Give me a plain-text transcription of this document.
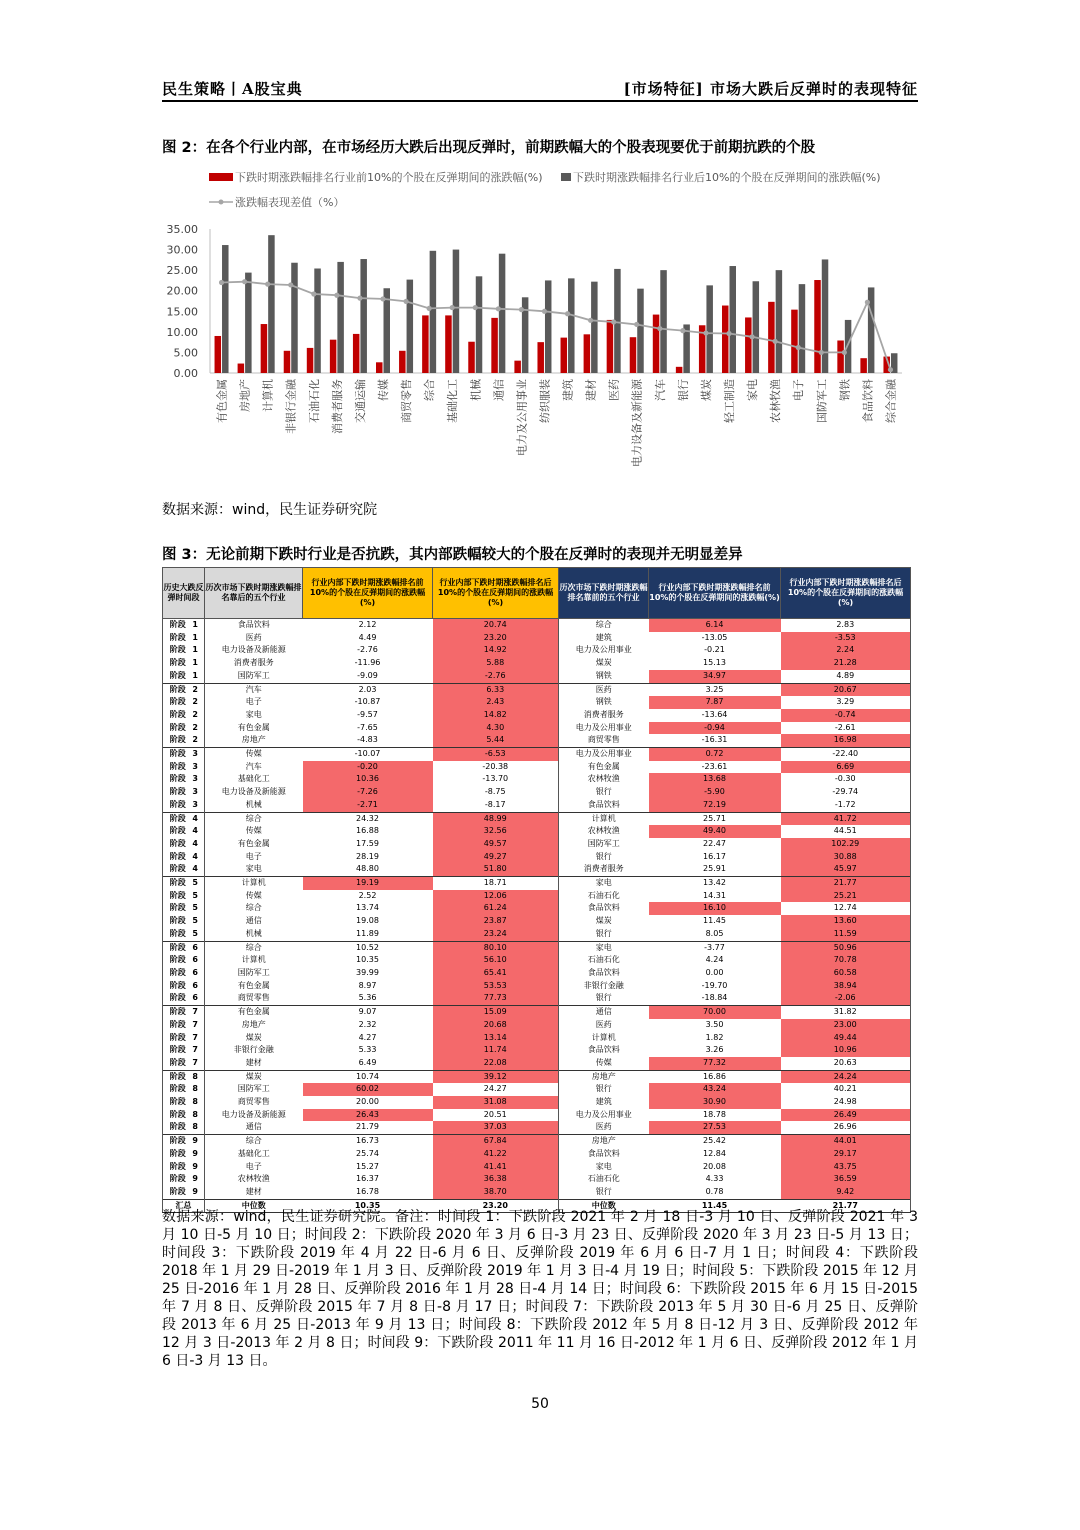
民生策略丨A股宝典	[市场特征] 市场大跌后反弹时的表现特征
图 2：在各个行业内部，在市场经历大跌后出现反弹时，前期跌幅大的个股表现要优于前期抗跌的个股
下跌时期涨跌幅排名行业前10%的个股在反弹期间的涨跌幅(%)	下跌时期涨跌幅排名行业后10%的个股在反弹期间的涨跌幅(%)
涨跌幅表现差值（%）
0.00
5.00
10.00
15.00
20.00
25.00
30.00
35.00
有色金属 房地产 计算机 非银行金融 石油石化 消费者服务 交通运输 传媒 商贸零售 综合 基础化工 机械 通信 电力及公用事业 纺织服装 建筑 建材 医药 电力设备及新能源 汽车 银行 煤炭 轻工制造 家电 农林牧渔 电子 国防军工 钢铁 食品饮料 综合金融
数据来源：wind，民生证券研究院
图 3：无论前期下跌时行业是否抗跌，其内部跌幅较大的个股在反弹时的表现并无明显差异
历史大跌反弹时间段	历次市场下跌时期涨跌幅排名靠后的五个行业	行业内部下跌时期涨跌幅排名前10%的个股在反弹期间的涨跌幅(%)	行业内部下跌时期涨跌幅排名后10%的个股在反弹期间的涨跌幅(%)	历次市场下跌时期涨跌幅排名靠前的五个行业	行业内部下跌时期涨跌幅排名前10%的个股在反弹期间的涨跌幅(%)	行业内部下跌时期涨跌幅排名后10%的个股在反弹期间的涨跌幅(%)
阶段 1	食品饮料	2.12	20.74	综合	6.14	2.83
阶段 1	医药	4.49	23.20	建筑	-13.05	-3.53
阶段 1	电力设备及新能源	-2.76	14.92	电力及公用事业	-0.21	2.24
阶段 1	消费者服务	-11.96	5.88	煤炭	15.13	21.28
阶段 1	国防军工	-9.09	-2.76	钢铁	34.97	4.89
阶段 2	汽车	2.03	6.33	医药	3.25	20.67
阶段 2	电子	-10.87	2.43	钢铁	7.87	3.29
阶段 2	家电	-9.57	14.82	消费者服务	-13.64	-0.74
阶段 2	有色金属	-7.65	4.30	电力及公用事业	-0.94	-2.61
阶段 2	房地产	-4.83	5.44	商贸零售	-16.31	16.98
阶段 3	传媒	-10.07	-6.53	电力及公用事业	0.72	-22.40
阶段 3	汽车	-0.20	-20.38	有色金属	-23.61	6.69
阶段 3	基础化工	10.36	-13.70	农林牧渔	13.68	-0.30
阶段 3	电力设备及新能源	-7.26	-8.75	银行	-5.90	-29.74
阶段 3	机械	-2.71	-8.17	食品饮料	72.19	-1.72
阶段 4	综合	24.32	48.99	计算机	25.71	41.72
阶段 4	传媒	16.88	32.56	农林牧渔	49.40	44.51
阶段 4	有色金属	17.59	49.57	国防军工	22.47	102.29
阶段 4	电子	28.19	49.27	银行	16.17	30.88
阶段 4	家电	48.80	51.80	消费者服务	25.91	45.97
阶段 5	计算机	19.19	18.71	家电	13.42	21.77
阶段 5	传媒	2.52	12.06	石油石化	14.31	25.21
阶段 5	综合	13.74	61.24	食品饮料	16.10	12.74
阶段 5	通信	19.08	23.87	煤炭	11.45	13.60
阶段 5	机械	11.89	23.24	银行	8.05	11.59
阶段 6	综合	10.52	80.10	家电	-3.77	50.96
阶段 6	计算机	10.35	56.10	石油石化	4.24	70.78
阶段 6	国防军工	39.99	65.41	食品饮料	0.00	60.58
阶段 6	有色金属	8.97	53.53	非银行金融	-19.70	38.94
阶段 6	商贸零售	5.36	77.73	银行	-18.84	-2.06
阶段 7	有色金属	9.07	15.09	通信	70.00	31.82
阶段 7	房地产	2.32	20.68	医药	3.50	23.00
阶段 7	煤炭	4.27	13.14	计算机	1.82	49.44
阶段 7	非银行金融	5.33	11.74	食品饮料	3.26	10.96
阶段 7	建材	6.49	22.08	传媒	77.32	20.63
阶段 8	煤炭	10.74	39.12	房地产	16.86	24.24
阶段 8	国防军工	60.02	24.27	银行	43.24	40.21
阶段 8	商贸零售	20.00	31.08	建筑	30.90	24.98
阶段 8	电力设备及新能源	26.43	20.51	电力及公用事业	18.78	26.49
阶段 8	通信	21.79	37.03	医药	27.53	26.96
阶段 9	综合	16.73	67.84	房地产	25.42	44.01
阶段 9	基础化工	25.74	41.22	食品饮料	12.84	29.17
阶段 9	电子	15.27	41.41	家电	20.08	43.75
阶段 9	农林牧渔	16.37	36.38	石油石化	4.33	36.59
阶段 9	建材	16.78	38.70	银行	0.78	9.42
汇总	中位数	10.35	23.20	中位数	11.45	21.77
数据来源：wind，民生证券研究院。备注：时间段 1：下跌阶段 2021 年 2 月 18 日-3 月 10 日、反弹阶段 2021 年 3 月 10 日-5 月 10 日；时间段 2：下跌阶段 2020 年 3 月 6 日-3 月 23 日、反弹阶段 2020 年 3 月 23 日-5 月 13 日；时间段 3：下跌阶段 2019 年 4 月 22 日-6 月 6 日、反弹阶段 2019 年 6 月 6 日-7 月 1 日；时间段 4：下跌阶段 2018 年 1 月 29 日-2019 年 1 月 3 日、反弹阶段 2019 年 1 月 3 日-4 月 19 日；时间段 5：下跌阶段 2015 年 12 月 25 日-2016 年 1 月 28 日、反弹阶段 2016 年 1 月 28 日-4 月 14 日；时间段 6：下跌阶段 2015 年 6 月 15 日-2015 年 7 月 8 日、反弹阶段 2015 年 7 月 8 日-8 月 17 日；时间段 7：下跌阶段 2013 年 5 月 30 日-6 月 25 日、反弹阶段 2013 年 6 月 25 日-2013 年 9 月 13 日；时间段 8：下跌阶段 2012 年 5 月 8 日-12 月 3 日、反弹阶段 2012 年 12 月 3 日-2013 年 2 月 8 日；时间段 9：下跌阶段 2011 年 11 月 16 日-2012 年 1 月 6 日、反弹阶段 2012 年 1 月 6 日-3 月 13 日。
50
